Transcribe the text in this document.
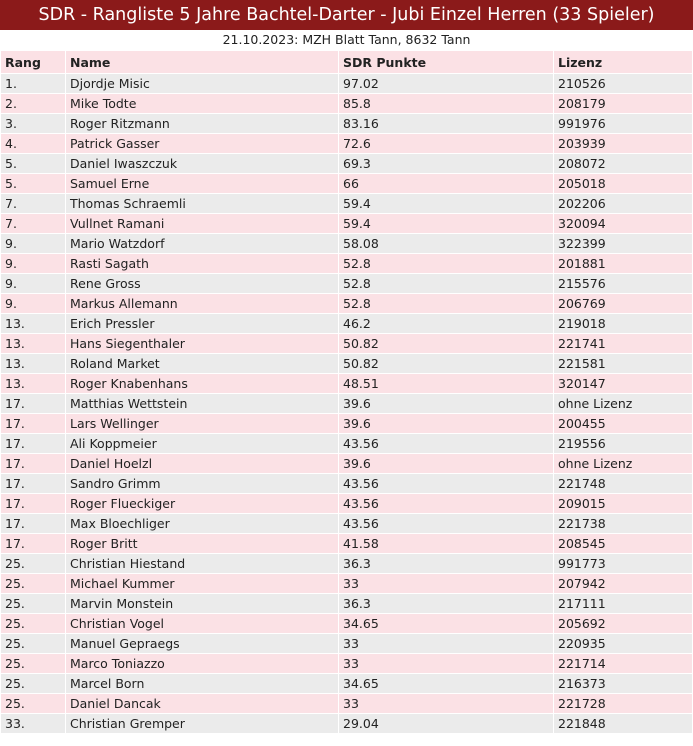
SDR - Rangliste 5 Jahre Bachtel-Darter - Jubi Einzel Herren (33 Spieler)
21.10.2023: MZH Blatt Tann, 8632 Tann
Rang	Name	SDR Punkte	Lizenz
1.	Djordje Misic	97.02	210526
2.	Mike Todte	85.8	208179
3.	Roger Ritzmann	83.16	991976
4.	Patrick Gasser	72.6	203939
5.	Daniel Iwaszczuk	69.3	208072
5.	Samuel Erne	66	205018
7.	Thomas Schraemli	59.4	202206
7.	Vullnet Ramani	59.4	320094
9.	Mario Watzdorf	58.08	322399
9.	Rasti Sagath	52.8	201881
9.	Rene Gross	52.8	215576
9.	Markus Allemann	52.8	206769
13.	Erich Pressler	46.2	219018
13.	Hans Siegenthaler	50.82	221741
13.	Roland Market	50.82	221581
13.	Roger Knabenhans	48.51	320147
17.	Matthias Wettstein	39.6	ohne Lizenz
17.	Lars Wellinger	39.6	200455
17.	Ali Koppmeier	43.56	219556
17.	Daniel Hoelzl	39.6	ohne Lizenz
17.	Sandro Grimm	43.56	221748
17.	Roger Flueckiger	43.56	209015
17.	Max Bloechliger	43.56	221738
17.	Roger Britt	41.58	208545
25.	Christian Hiestand	36.3	991773
25.	Michael Kummer	33	207942
25.	Marvin Monstein	36.3	217111
25.	Christian Vogel	34.65	205692
25.	Manuel Gepraegs	33	220935
25.	Marco Toniazzo	33	221714
25.	Marcel Born	34.65	216373
25.	Daniel Dancak	33	221728
33.	Christian Gremper	29.04	221848
